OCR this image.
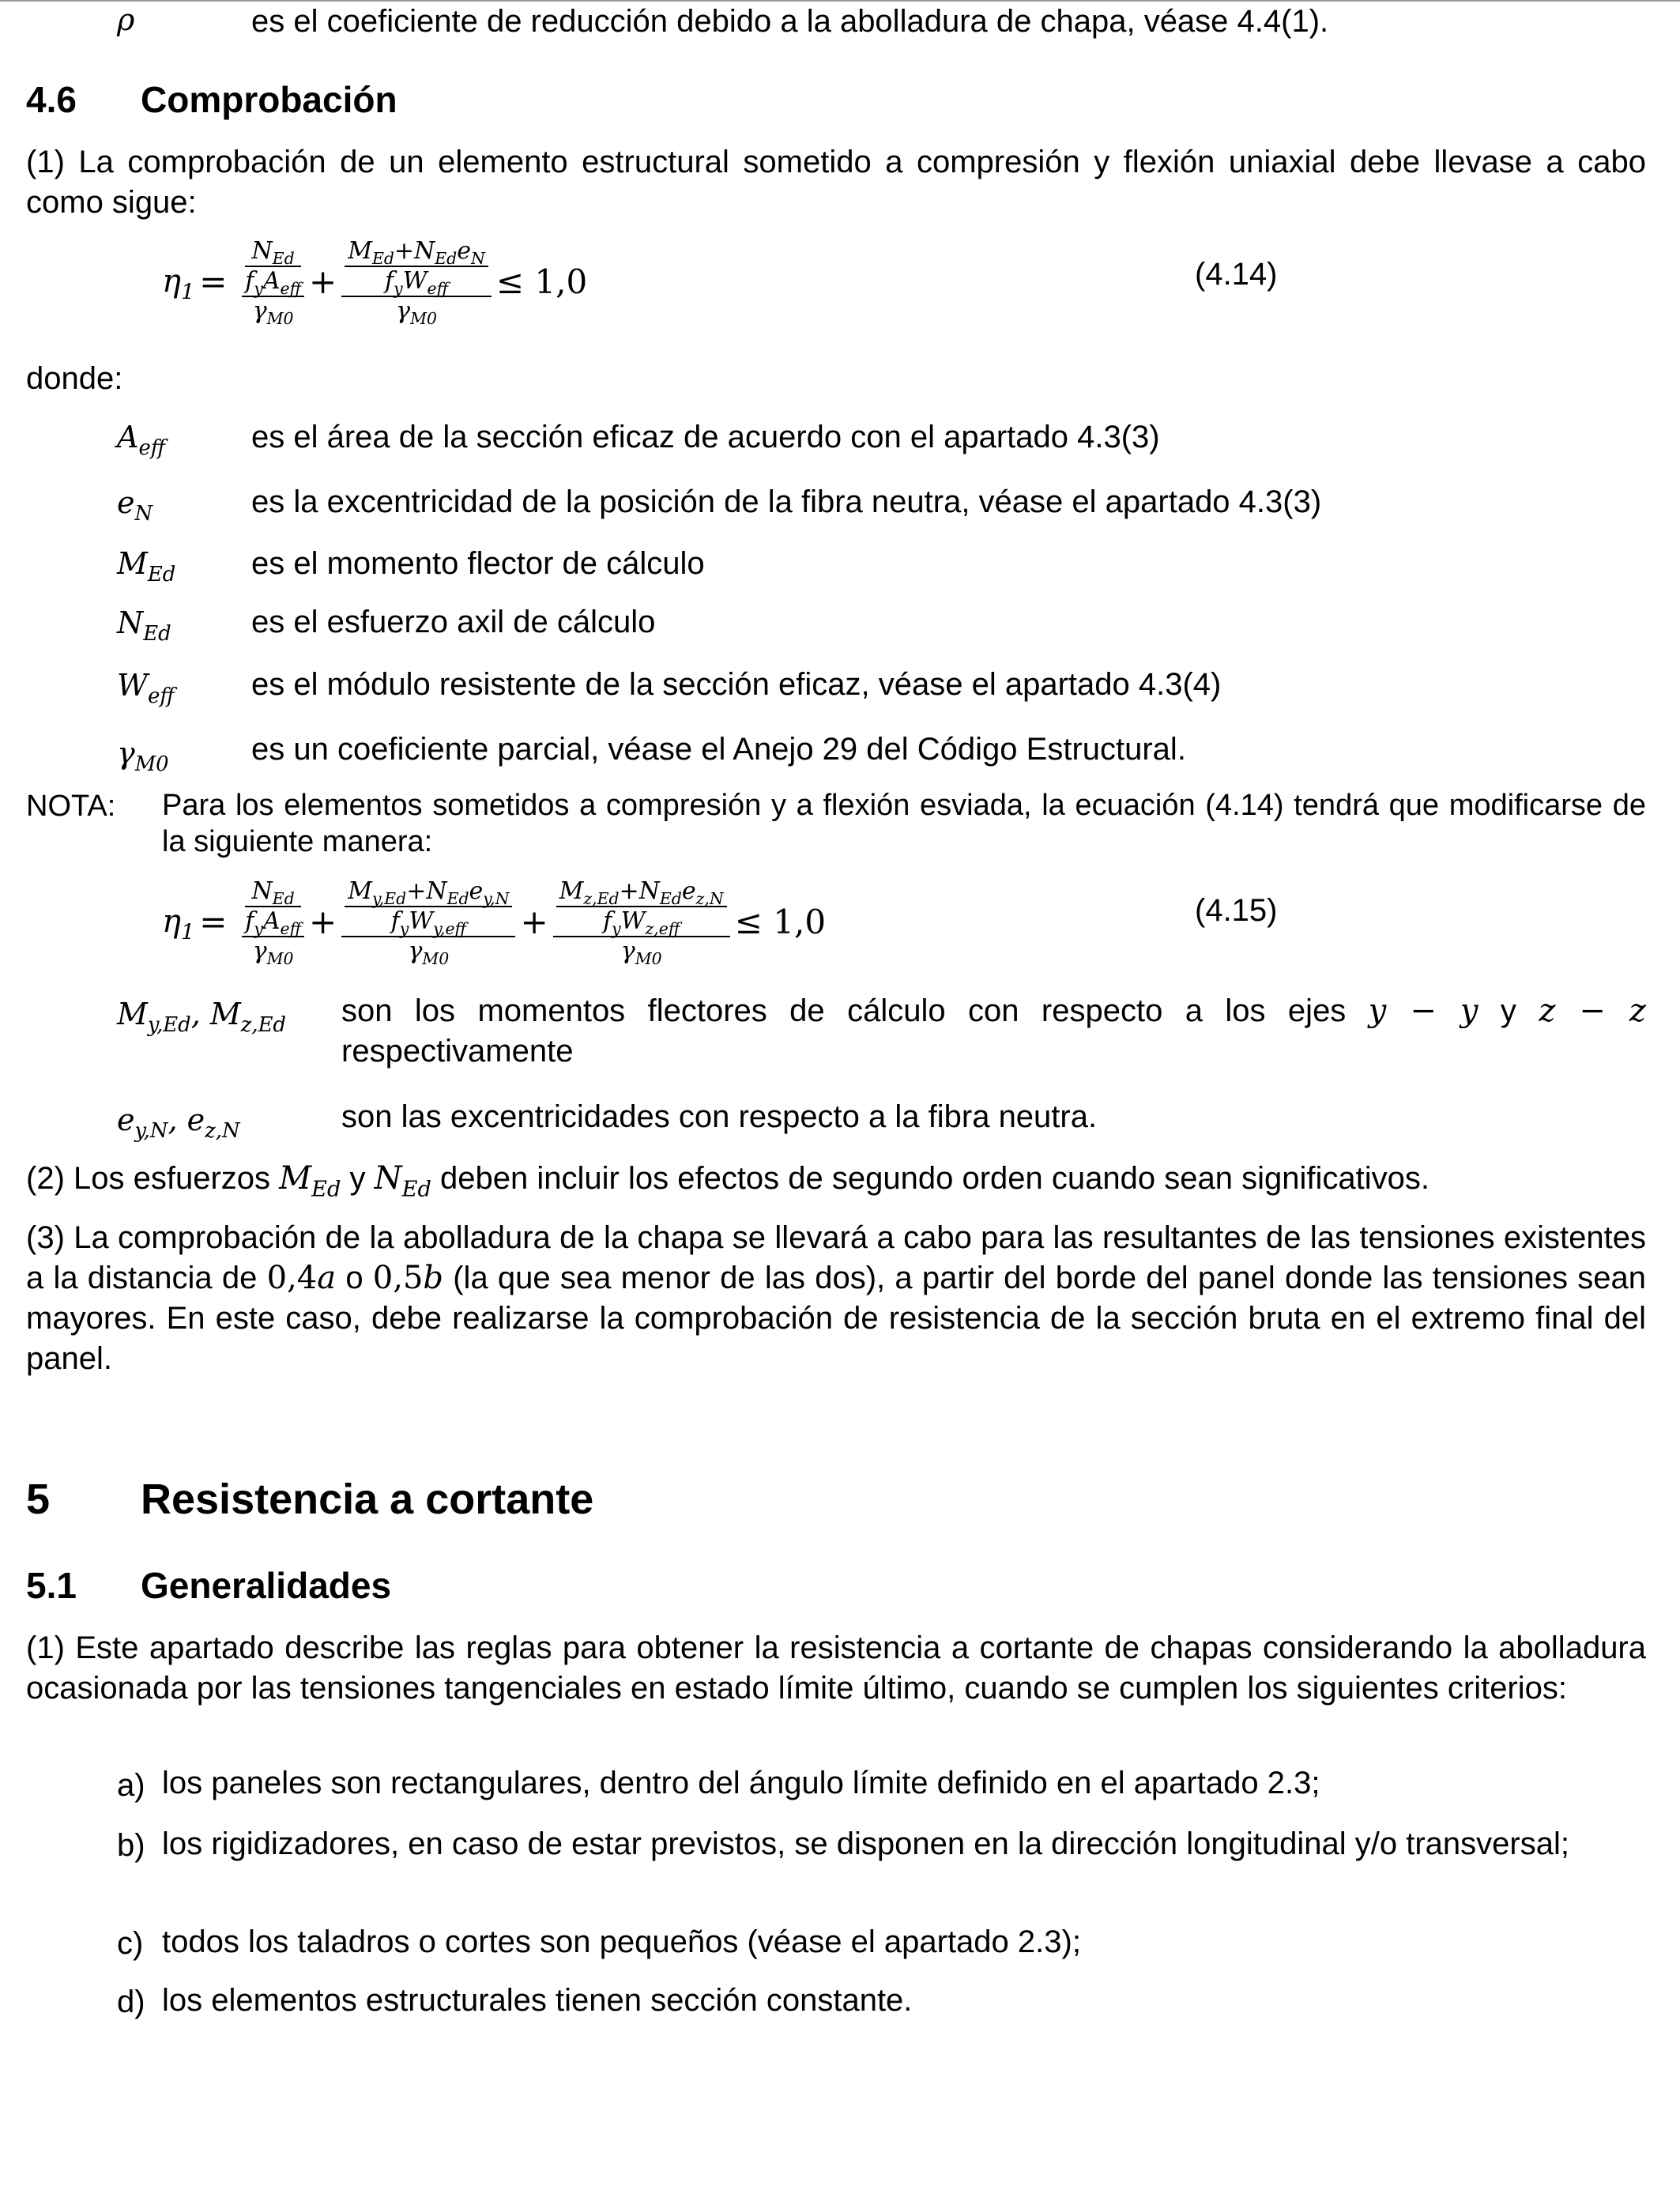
ρ	es el coeficiente de reducción debido a la abolladura de chapa, véase 4.4(1).
4.6 Comprobación
(1) La comprobación de un elemento estructural sometido a compresión y flexión uniaxial debe llevase a cabo como sigue:
$\eta_1 = \frac{\frac{N_{Ed}}{f_yA_{eff}}}{\gamma_{M0}} + \frac{\frac{M_{Ed}+N_{Ed}e_N}{f_yW_{eff}}}{\gamma_{M0}} \le 1,0$	(4.14)
donde:
$A_{eff}$	es el área de la sección eficaz de acuerdo con el apartado 4.3(3)
$e_N$	es la excentricidad de la posición de la fibra neutra, véase el apartado 4.3(3)
$M_{Ed}$ es el momento flector de cálculo
$N_{Ed}$	es el esfuerzo axil de cálculo
$W_{eff}$ es el módulo resistente de la sección eficaz, véase el apartado 4.3(4)
$\gamma_{M0}$	es un coeficiente parcial, véase el Anejo 29 del Código Estructural.
NOTA: Para los elementos sometidos a compresión y a flexión esviada, la ecuación (4.14) tendrá que modificarse de la siguiente manera:
$\eta_1 = \frac{\frac{N_{Ed}}{f_yA_{eff}}}{\gamma_{M0}} + \frac{\frac{M_{y,Ed}+N_{Ed}e_{y,N}}{f_yW_{y,eff}}}{\gamma_{M0}} + \frac{\frac{M_{z,Ed}+N_{Ed}e_{z,N}}{f_yW_{z,eff}}}{\gamma_{M0}} \le 1,0$	(4.15)
$M_{y,Ed}$, $M_{z,Ed}$ son los momentos flectores de cálculo con respecto a los ejes y − y y z − z respectivamente
$e_{y,N}$, $e_{z,N}$	son las excentricidades con respecto a la fibra neutra.
(2) Los esfuerzos $M_{Ed}$ y $N_{Ed}$ deben incluir los efectos de segundo orden cuando sean significativos.
(3) La comprobación de la abolladura de la chapa se llevará a cabo para las resultantes de las tensiones existentes a la distancia de 0,4a o 0,5b (la que sea menor de las dos), a partir del borde del panel donde las tensiones sean mayores. En este caso, debe realizarse la comprobación de resistencia de la sección bruta en el extremo final del panel.
5 Resistencia a cortante
5.1 Generalidades
(1) Este apartado describe las reglas para obtener la resistencia a cortante de chapas considerando la abolladura ocasionada por las tensiones tangenciales en estado límite último, cuando se cumplen los siguientes criterios:
a) los paneles son rectangulares, dentro del ángulo límite definido en el apartado 2.3;
b) los rigidizadores, en caso de estar previstos, se disponen en la dirección longitudinal y/o transversal;
c) todos los taladros o cortes son pequeños (véase el apartado 2.3);
d) los elementos estructurales tienen sección constante.
